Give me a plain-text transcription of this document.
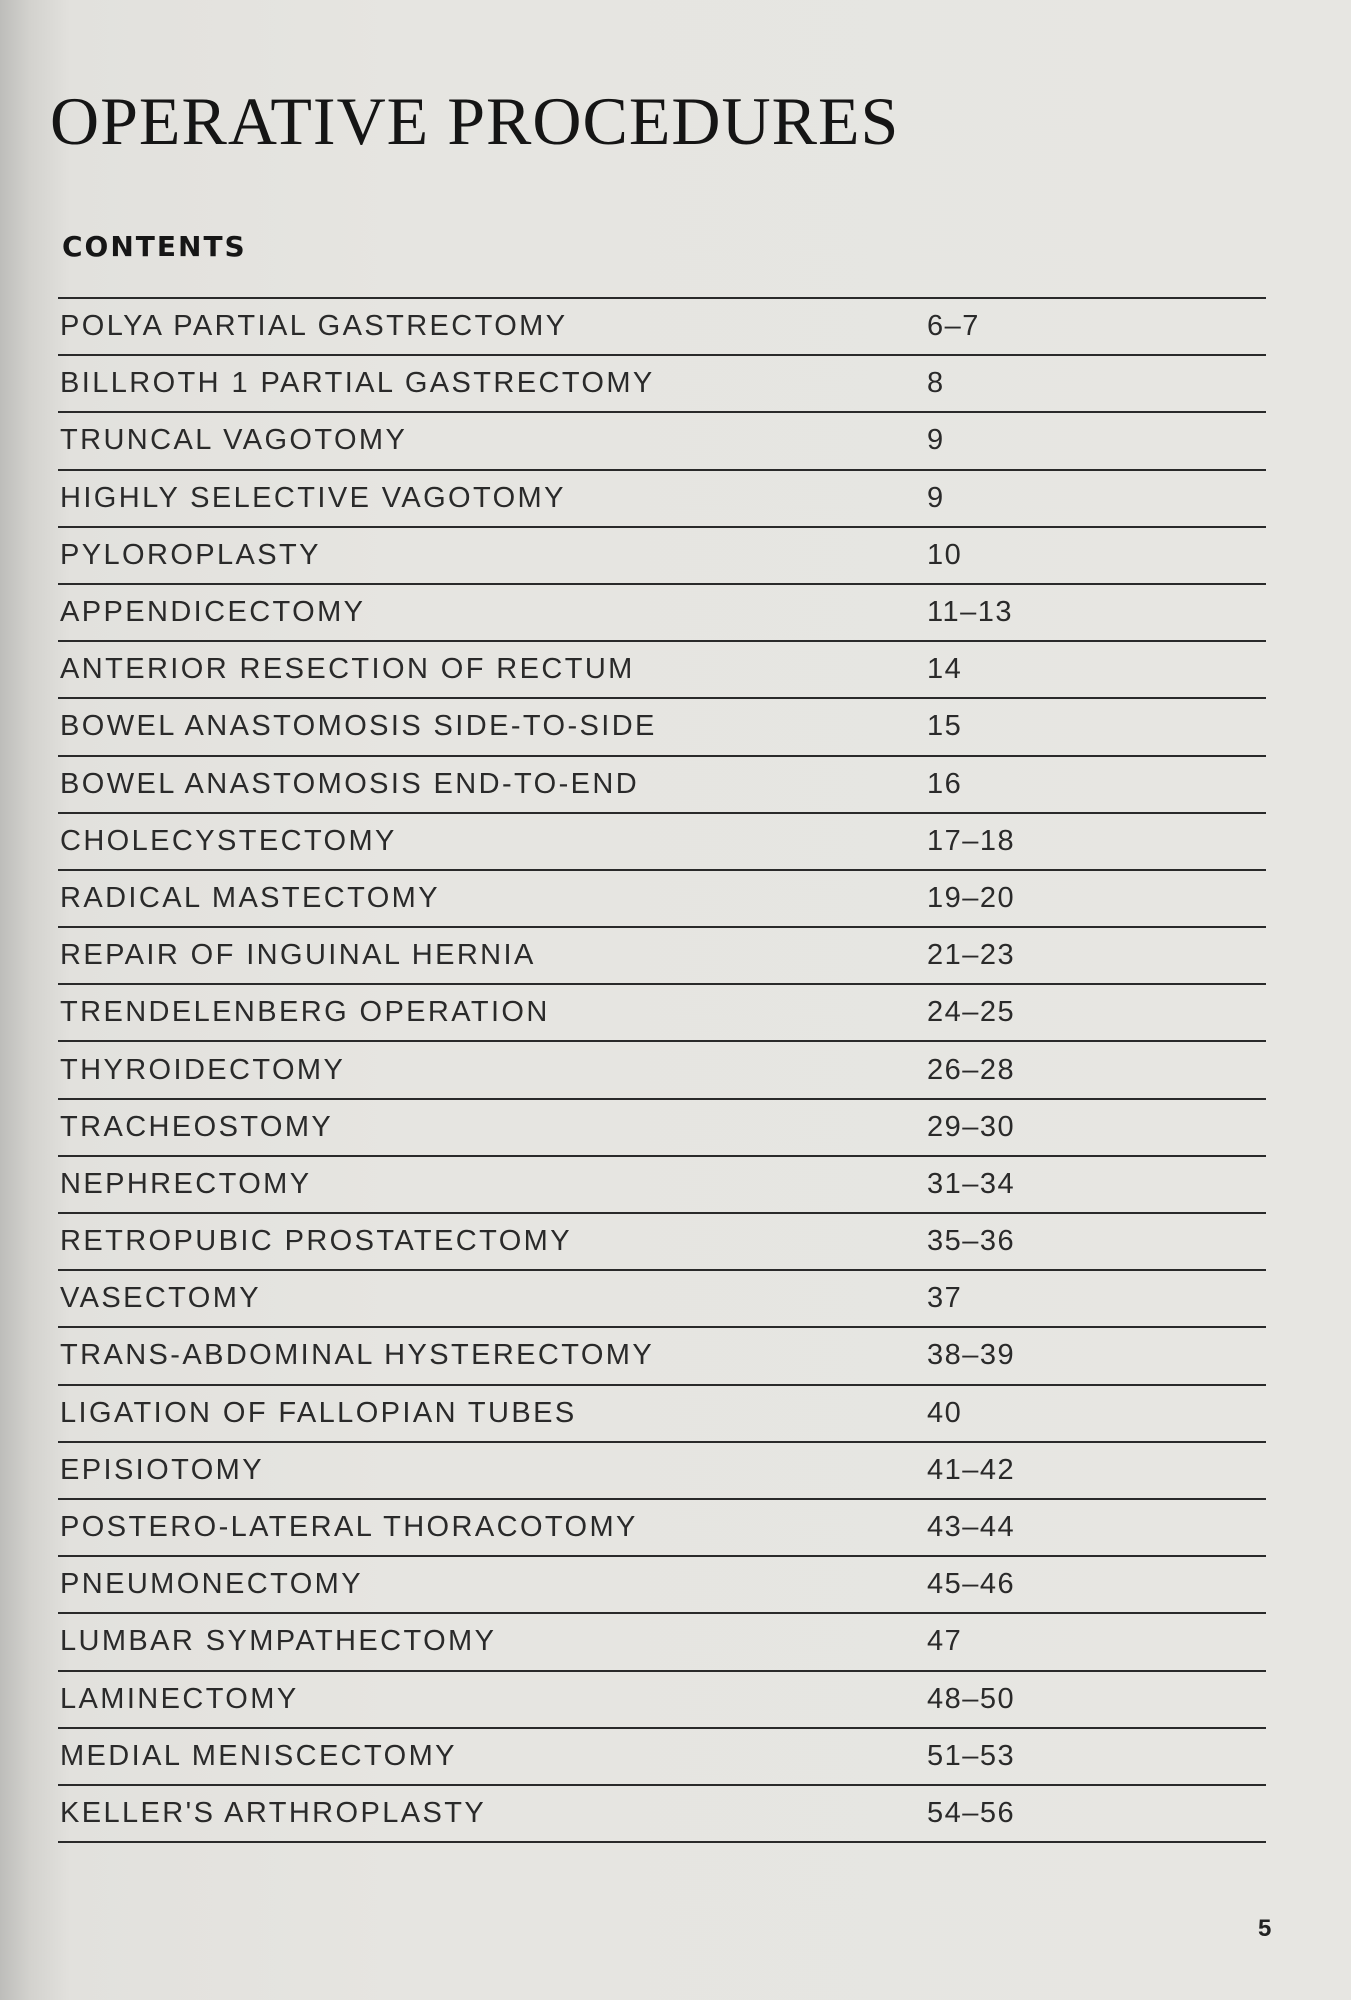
OPERATIVE PROCEDURES
CONTENTS
POLYA PARTIAL GASTRECTOMY	6–7
BILLROTH 1 PARTIAL GASTRECTOMY	8
TRUNCAL VAGOTOMY	9
HIGHLY SELECTIVE VAGOTOMY	9
PYLOROPLASTY	10
APPENDICECTOMY	11–13
ANTERIOR RESECTION OF RECTUM	14
BOWEL ANASTOMOSIS SIDE-TO-SIDE	15
BOWEL ANASTOMOSIS END-TO-END	16
CHOLECYSTECTOMY	17–18
RADICAL MASTECTOMY	19–20
REPAIR OF INGUINAL HERNIA	21–23
TRENDELENBERG OPERATION	24–25
THYROIDECTOMY	26–28
TRACHEOSTOMY	29–30
NEPHRECTOMY	31–34
RETROPUBIC PROSTATECTOMY	35–36
VASECTOMY	37
TRANS-ABDOMINAL HYSTERECTOMY	38–39
LIGATION OF FALLOPIAN TUBES	40
EPISIOTOMY	41–42
POSTERO-LATERAL THORACOTOMY	43–44
PNEUMONECTOMY	45–46
LUMBAR SYMPATHECTOMY	47
LAMINECTOMY	48–50
MEDIAL MENISCECTOMY	51–53
KELLER'S ARTHROPLASTY	54–56
5
